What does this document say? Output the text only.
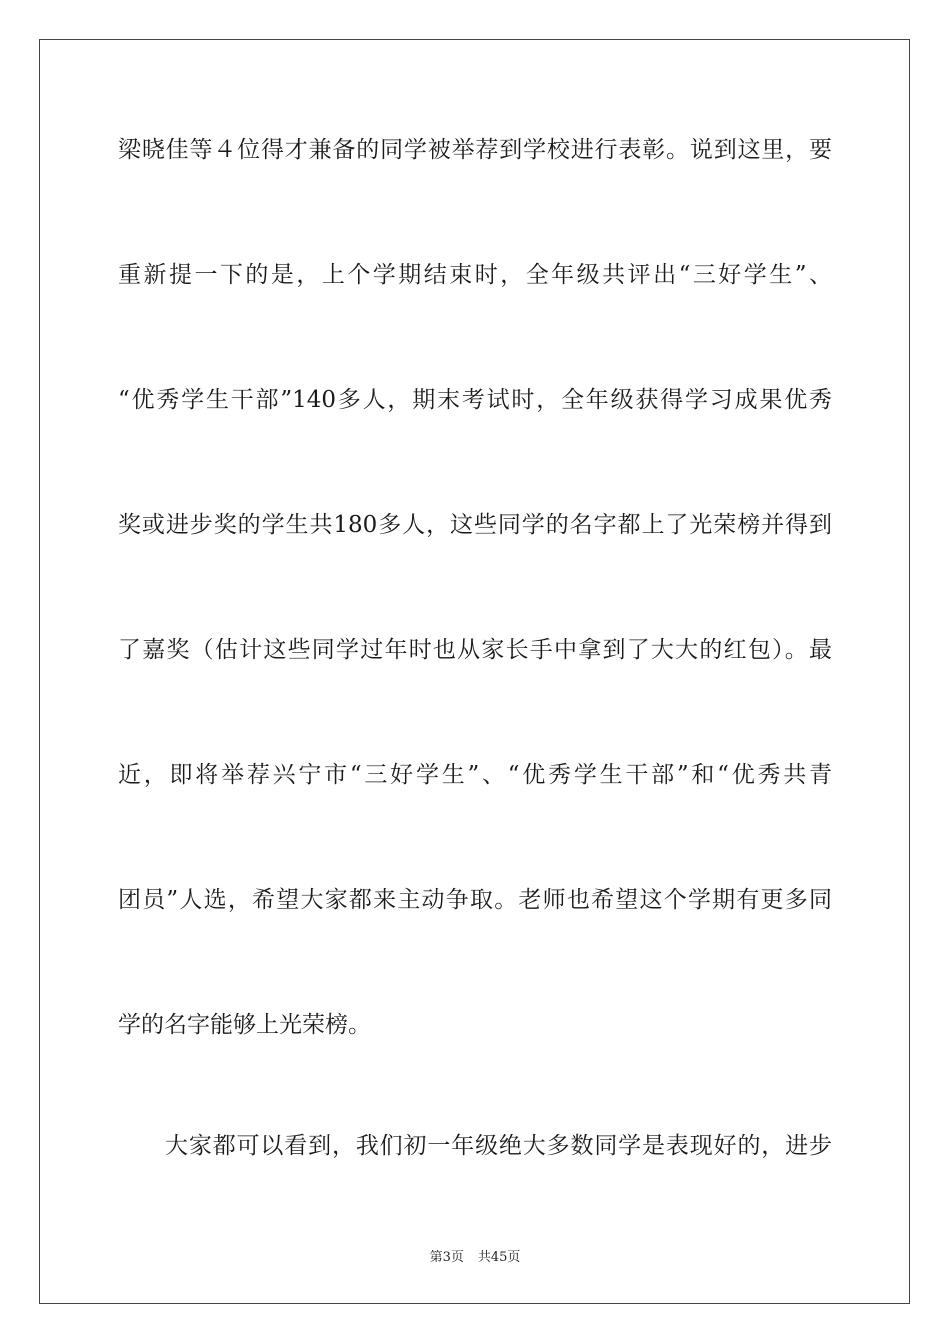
梁晓佳等４位得才兼备的同学被举荐到学校进行表彰。说到这里，要
重新提一下的是，上个学期结束时，全年级共评出“三好学生”、
“优秀学生干部”140多人，期末考试时，全年级获得学习成果优秀
奖或进步奖的学生共180多人，这些同学的名字都上了光荣榜并得到
了嘉奖（估计这些同学过年时也从家长手中拿到了大大的红包）。最
近，即将举荐兴宁市“三好学生”、“优秀学生干部”和“优秀共青
团员”人选，希望大家都来主动争取。老师也希望这个学期有更多同
学的名字能够上光荣榜。
大家都可以看到，我们初一年级绝大多数同学是表现好的，进步
第3页 共45页
